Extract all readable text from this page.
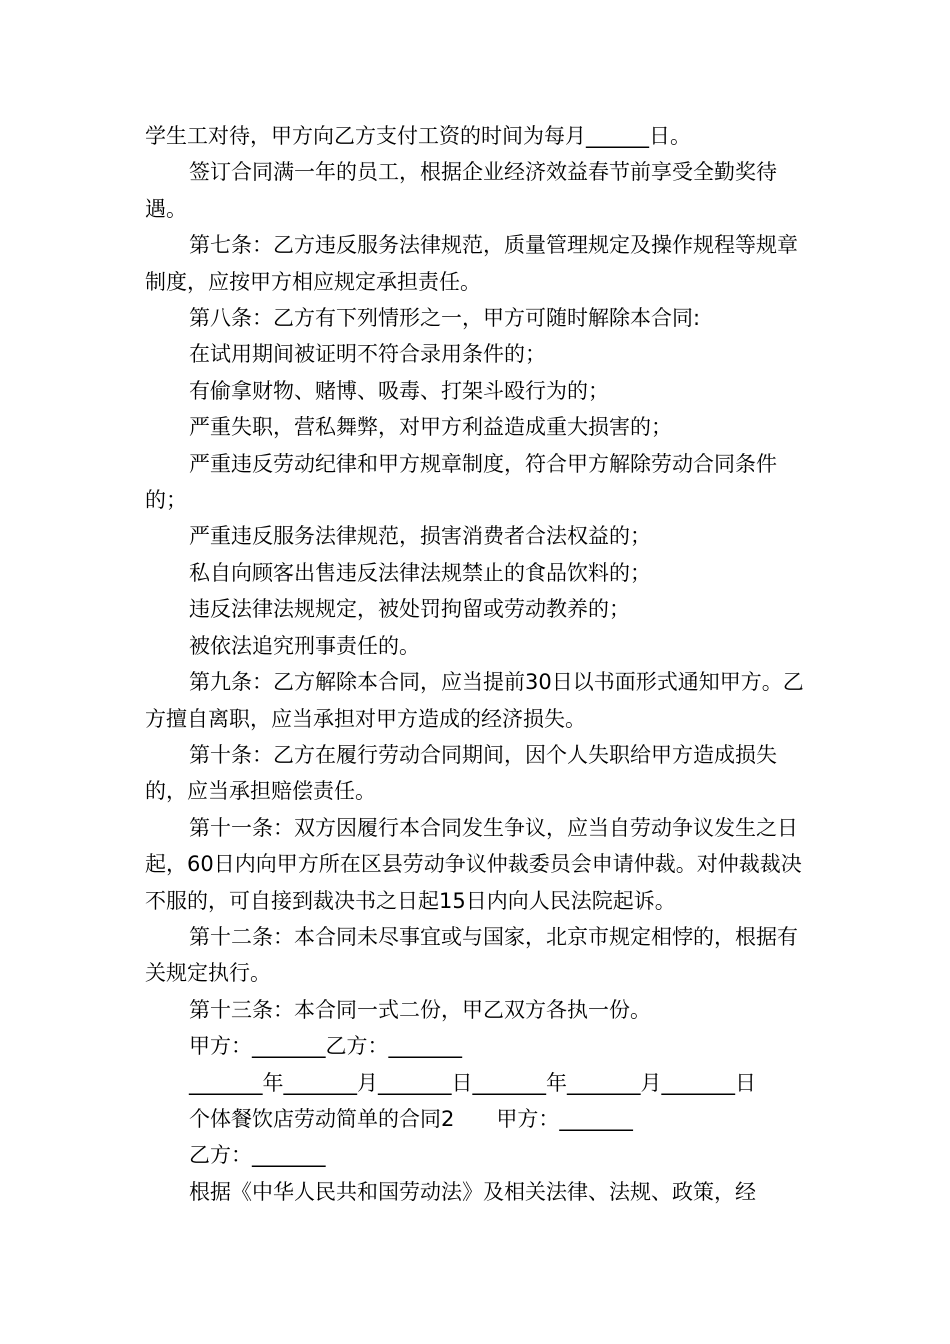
学生工对待，甲方向乙方支付工资的时间为每月______日。

签订合同满一年的员工，根据企业经济效益春节前享受全勤奖待遇。

第七条：乙方违反服务法律规范，质量管理规定及操作规程等规章制度，应按甲方相应规定承担责任。

第八条：乙方有下列情形之一，甲方可随时解除本合同:

在试用期间被证明不符合录用条件的；

有偷拿财物、赌博、吸毒、打架斗殴行为的；

严重失职，营私舞弊，对甲方利益造成重大损害的；

严重违反劳动纪律和甲方规章制度，符合甲方解除劳动合同条件的；

严重违反服务法律规范，损害消费者合法权益的；

私自向顾客出售违反法律法规禁止的食品饮料的；

违反法律法规规定，被处罚拘留或劳动教养的；

被依法追究刑事责任的。

第九条：乙方解除本合同，应当提前30日以书面形式通知甲方。乙方擅自离职，应当承担对甲方造成的经济损失。

第十条：乙方在履行劳动合同期间，因个人失职给甲方造成损失的，应当承担赔偿责任。

第十一条：双方因履行本合同发生争议，应当自劳动争议发生之日起，60日内向甲方所在区县劳动争议仲裁委员会申请仲裁。对仲裁裁决不服的，可自接到裁决书之日起15日内向人民法院起诉。

第十二条：本合同未尽事宜或与国家，北京市规定相悖的，根据有关规定执行。

第十三条：本合同一式二份，甲乙双方各执一份。

甲方：_______乙方：_______

_______年_______月_______日_______年_______月_______日

个体餐饮店劳动简单的合同2　　甲方：_______

乙方：_______

根据《中华人民共和国劳动法》及相关法律、法规、政策，经
